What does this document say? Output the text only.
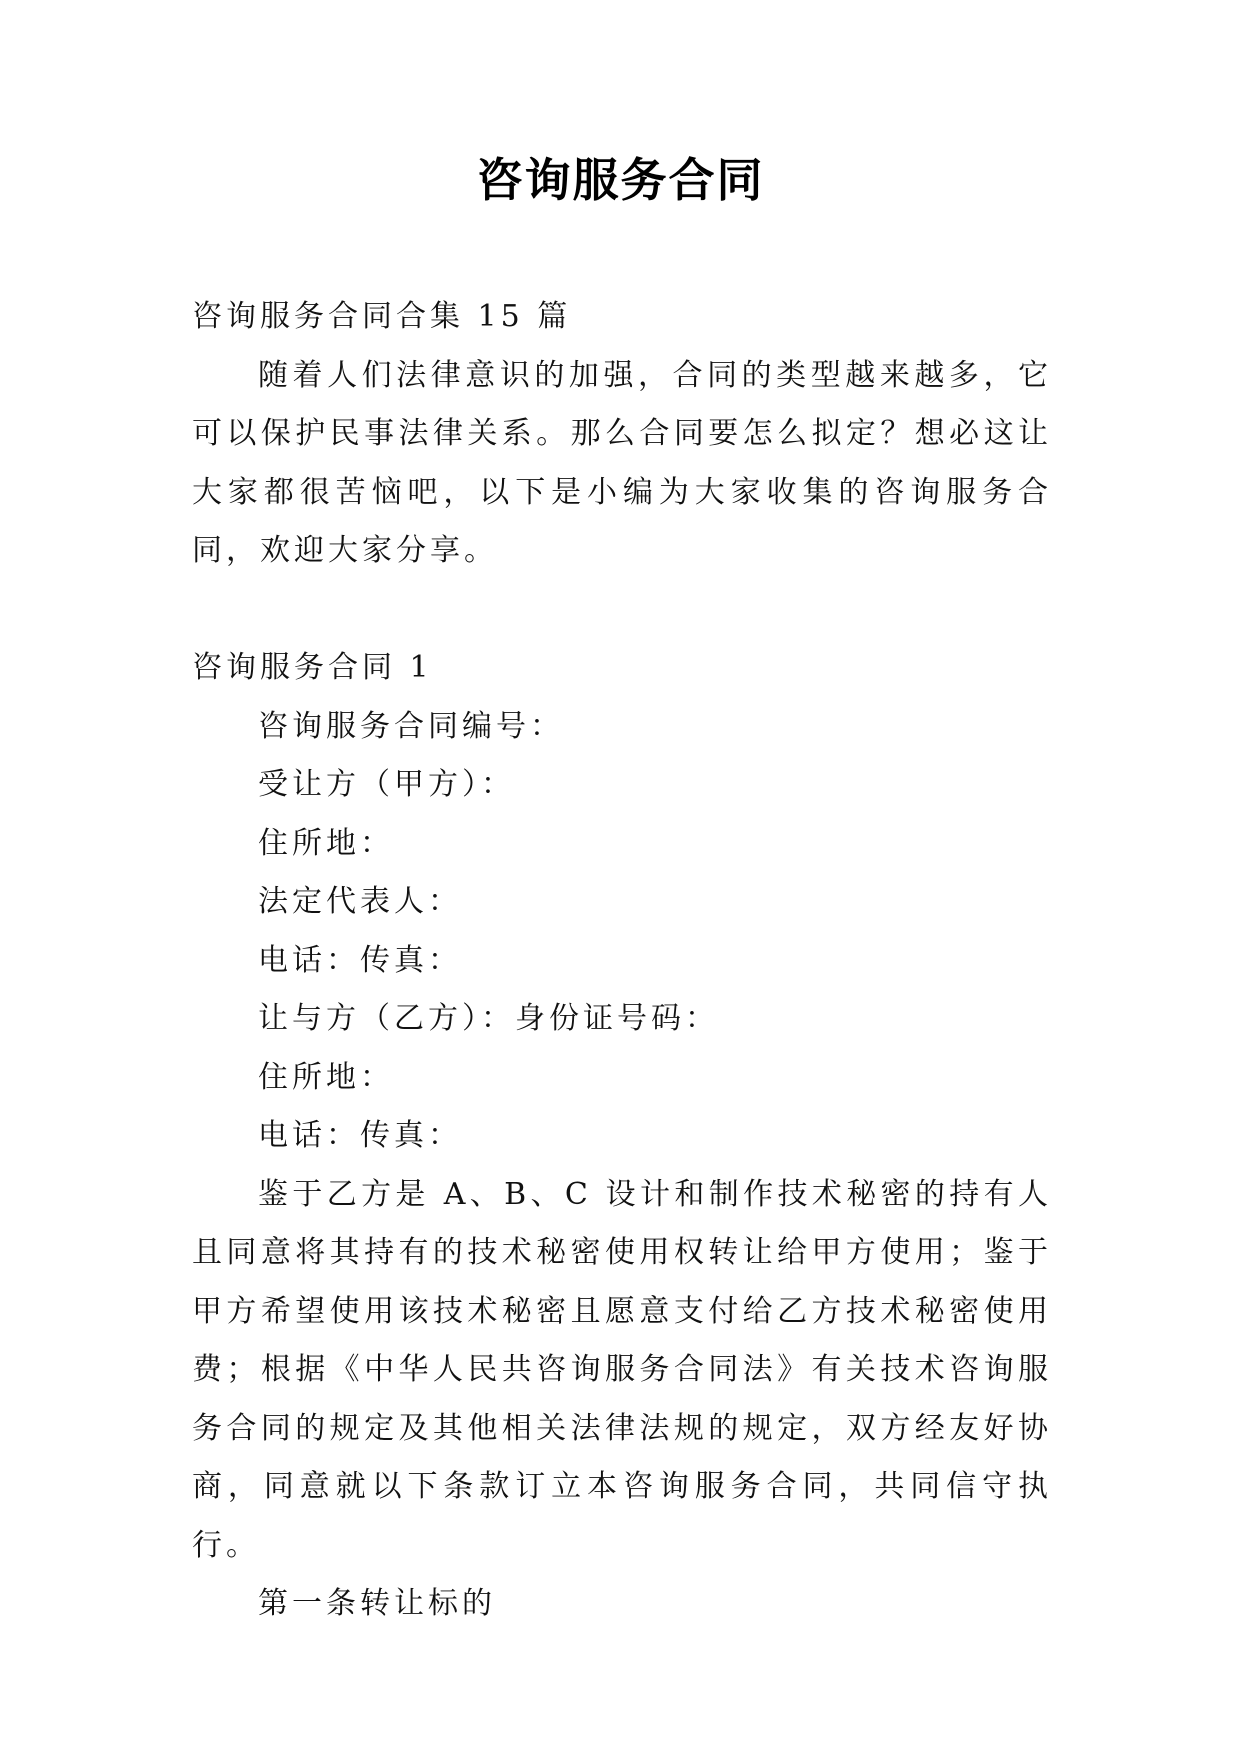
咨询服务合同

咨询服务合同合集 15 篇

随着人们法律意识的加强，合同的类型越来越多，它可以保护民事法律关系。那么合同要怎么拟定？想必这让大家都很苦恼吧，以下是小编为大家收集的咨询服务合同，欢迎大家分享。

咨询服务合同 1

咨询服务合同编号：

受让方（甲方）：

住所地：

法定代表人：

电话：传真：

让与方（乙方）：身份证号码：

住所地：

电话：传真：

鉴于乙方是 A、B、C 设计和制作技术秘密的持有人且同意将其持有的技术秘密使用权转让给甲方使用；鉴于甲方希望使用该技术秘密且愿意支付给乙方技术秘密使用费；根据《中华人民共咨询服务合同法》有关技术咨询服务合同的规定及其他相关法律法规的规定，双方经友好协商，同意就以下条款订立本咨询服务合同，共同信守执行。

第一条转让标的
